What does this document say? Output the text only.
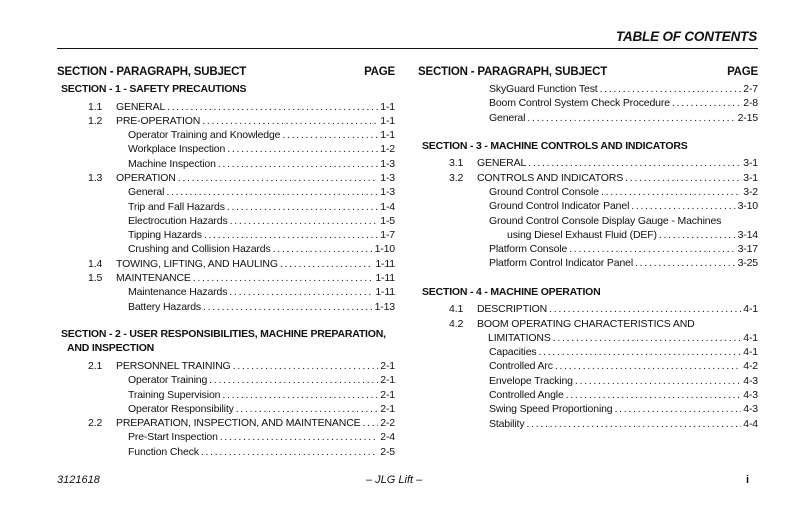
TABLE OF CONTENTS
SECTION - PARAGRAPH, SUBJECT	PAGE
SECTION - 1 - SAFETY PRECAUTIONS
1.1	GENERAL . . .	1-1
1.2	PRE-OPERATION . . .	1-1
Operator Training and Knowledge . . .	1-1
Workplace Inspection . . .	1-2
Machine Inspection . . .	1-3
1.3	OPERATION . . .	1-3
General . . .	1-3
Trip and Fall Hazards . . .	1-4
Electrocution Hazards . . .	1-5
Tipping Hazards . . .	1-7
Crushing and Collision Hazards . . .	1-10
1.4	TOWING, LIFTING, AND HAULING . . .	1-11
1.5	MAINTENANCE . . .	1-11
Maintenance Hazards . . .	1-11
Battery Hazards . . .	1-13
SECTION - 2 - USER RESPONSIBILITIES, MACHINE PREPARATION,
AND INSPECTION
2.1	PERSONNEL TRAINING . . .	2-1
Operator Training . . .	2-1
Training Supervision . . .	2-1
Operator Responsibility . . .	2-1
2.2	PREPARATION, INSPECTION, AND MAINTENANCE . . . 2-2
Pre-Start Inspection . . .	2-4
Function Check . . .	2-5
SECTION - PARAGRAPH, SUBJECT	PAGE
SkyGuard Function Test . . .	2-7
Boom Control System Check Procedure . . .	2-8
General . . .	2-15
SECTION - 3 - MACHINE CONTROLS AND INDICATORS
3.1	GENERAL . . .	3-1
3.2	CONTROLS AND INDICATORS . . .	3-1
Ground Control Console . . .	3-2
Ground Control Indicator Panel . . .	3-10
Ground Control Console Display Gauge - Machines
using Diesel Exhaust Fluid (DEF) . . .	3-14
Platform Console . . .	3-17
Platform Control Indicator Panel . . .	3-25
SECTION - 4 - MACHINE OPERATION
4.1	DESCRIPTION . . .	4-1
4.2	BOOM OPERATING CHARACTERISTICS AND
LIMITATIONS . . .	4-1
Capacities . . .	4-1
Controlled Arc . . .	4-2
Envelope Tracking . . .	4-3
Controlled Angle . . .	4-3
Swing Speed Proportioning . . .	4-3
Stability . . .	4-4
3121618	– JLG Lift –	i
